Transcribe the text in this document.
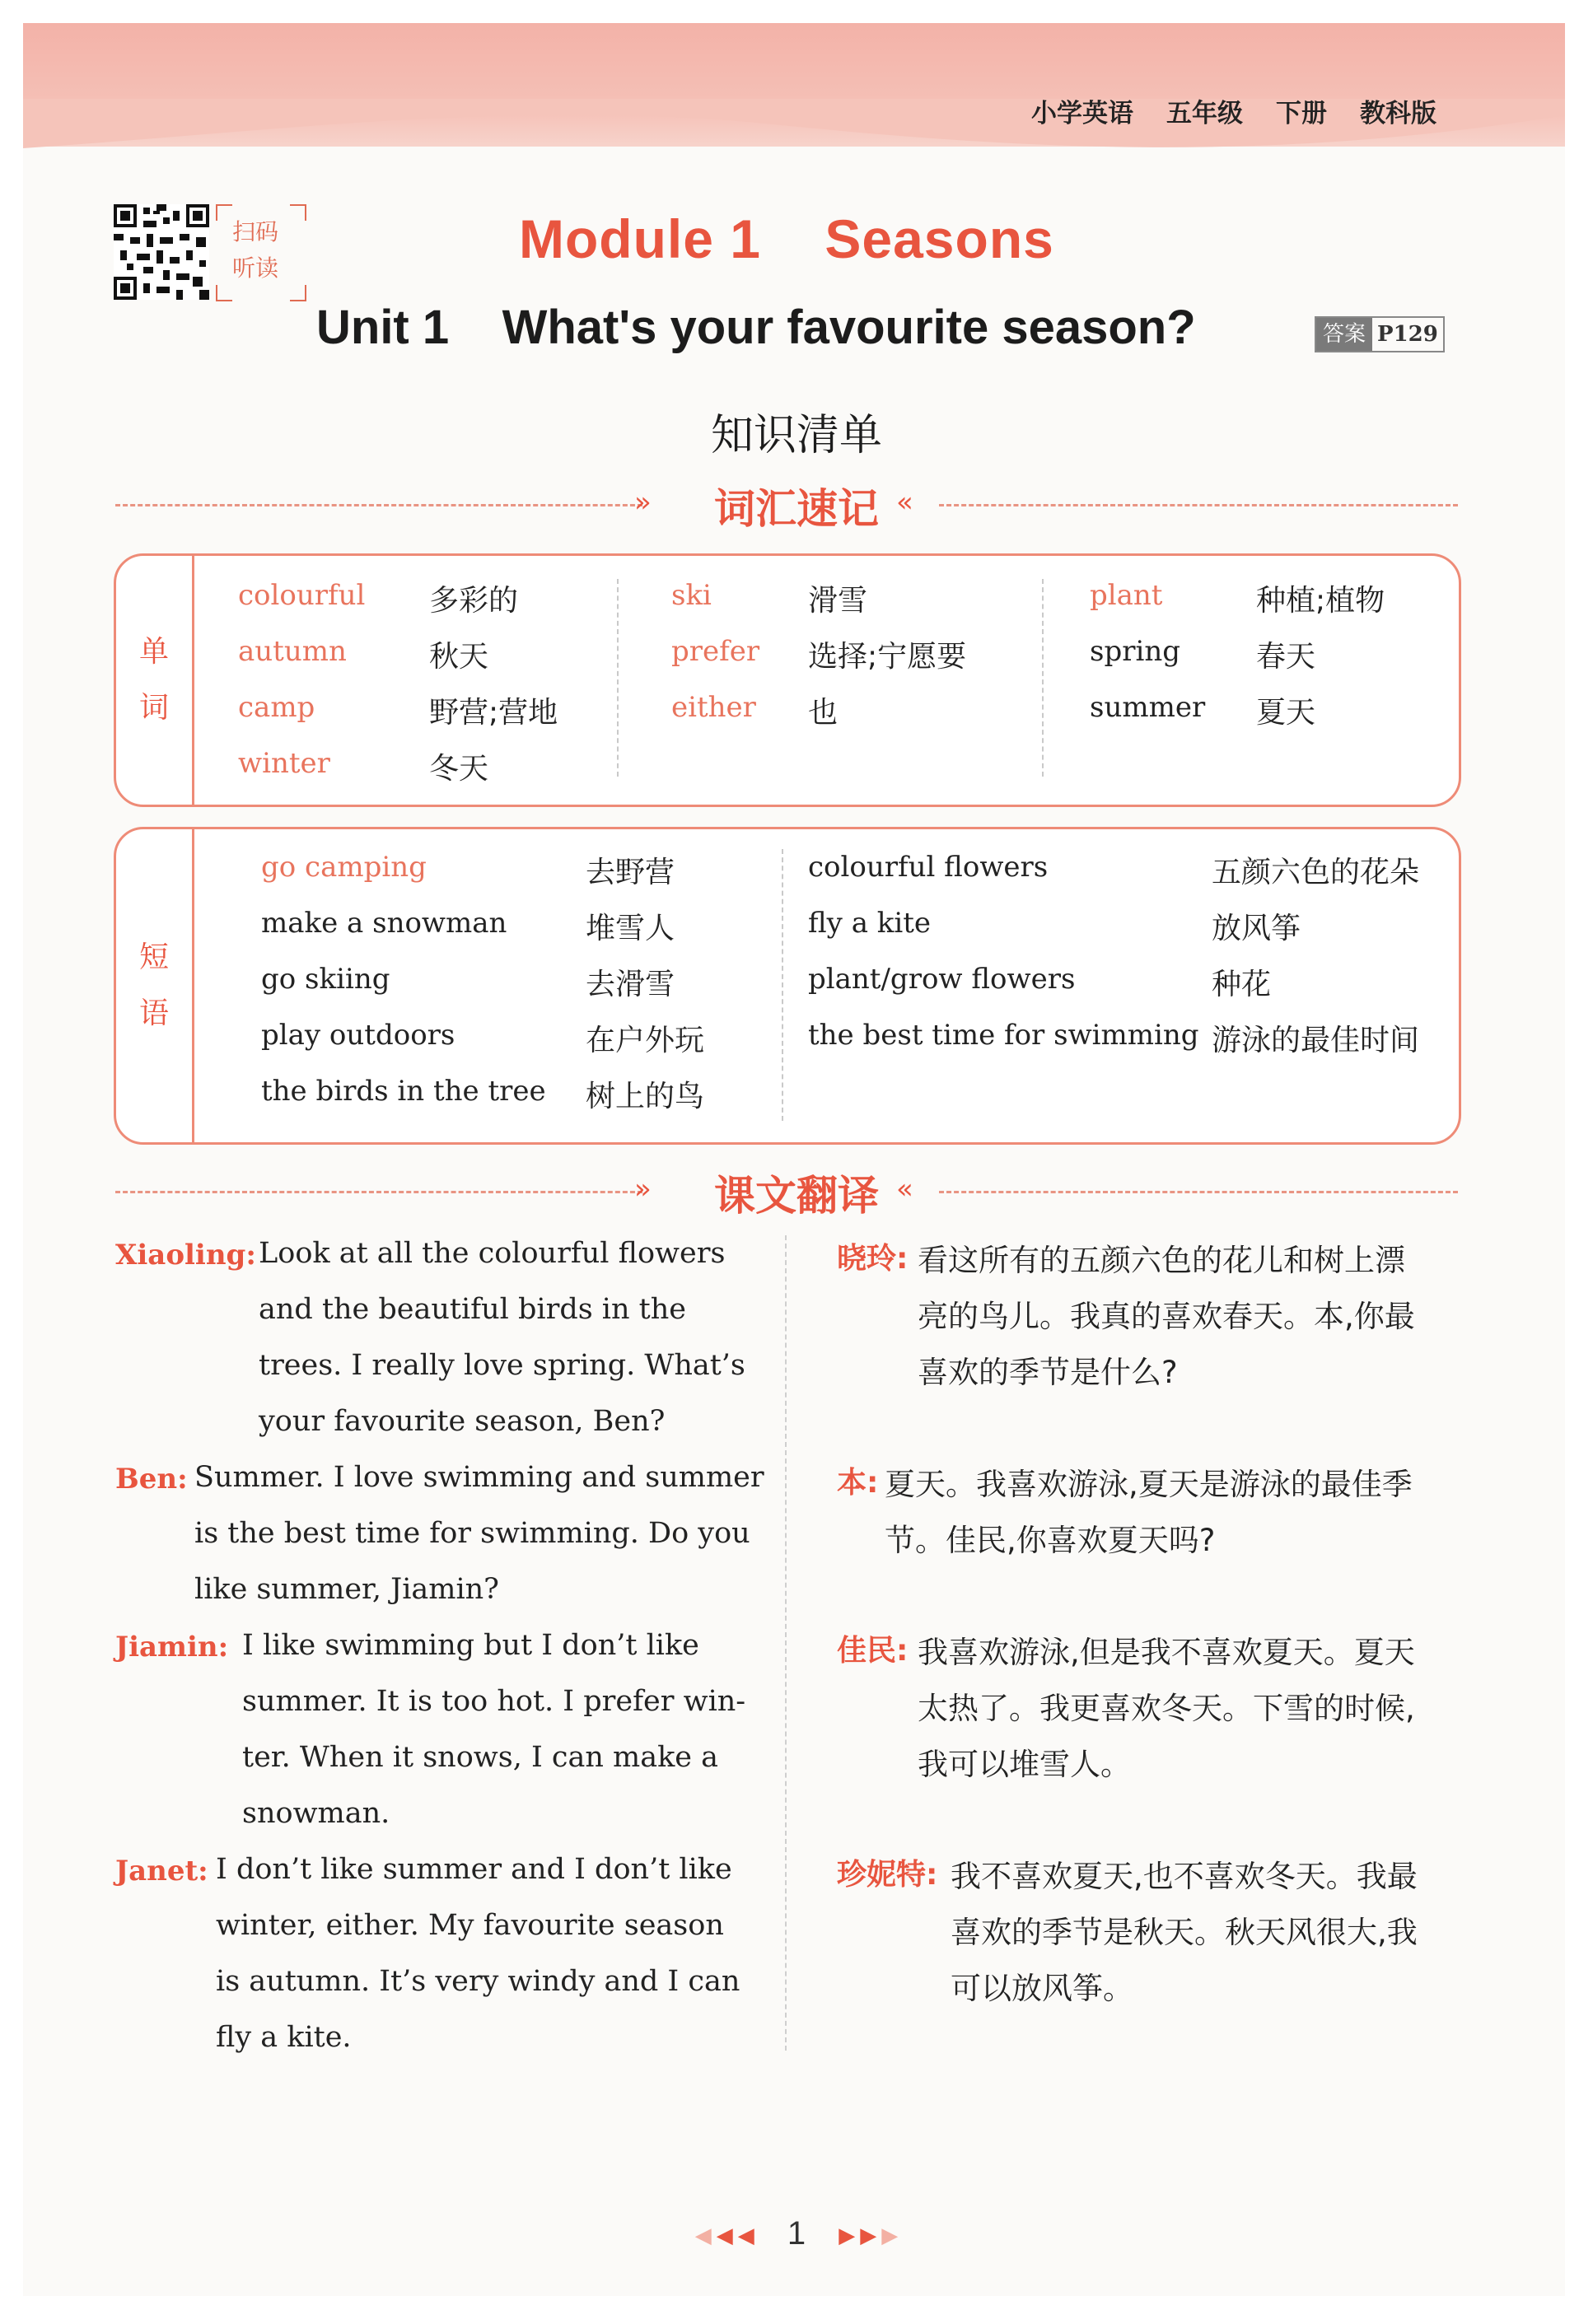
小学英语 五年级 下册 教科版
扫码
听读	Module 1    Seasons
Unit 1    What's your favourite season?	答案 P129
知识清单
»	词汇速记 «
单
词
colourful 多彩的
autumn	秋天
camp	野营;营地
winter	冬天
ski	滑雪
prefer 选择;宁愿要
either 也
plant	种植;植物
spring	春天
summer 夏天
短
语
go camping	去野营
make a snowman	堆雪人
go skiing	去滑雪
play outdoors	在户外玩
the birds in the tree 树上的鸟
colourful flowers	五颜六色的花朵
fly a kite	放风筝
plant/grow flowers	种花
the best time for swimming 游泳的最佳时间
»	课文翻译 «
Xiaoling: Look at all the colourful flowers
and the beautiful birds in the
trees. I really love spring. What’s
your favourite season, Ben?
Ben: Summer. I love swimming and summer
is the best time for swimming. Do you
like summer, Jiamin?
Jiamin: I like swimming but I don’t like
summer. It is too hot. I prefer win-
ter. When it snows, I can make a
snowman.
Janet: I don’t like summer and I don’t like
winter, either. My favourite season
is autumn. It’s very windy and I can
fly a kite.
晓玲: 看这所有的五颜六色的花儿和树上漂
亮的鸟儿。我真的喜欢春天。本,你最
喜欢的季节是什么?
本: 夏天。我喜欢游泳,夏天是游泳的最佳季
节。佳民,你喜欢夏天吗?
佳民: 我喜欢游泳,但是我不喜欢夏天。夏天
太热了。我更喜欢冬天。下雪的时候,
我可以堆雪人。
珍妮特: 我不喜欢夏天,也不喜欢冬天。我最
喜欢的季节是秋天。秋天风很大,我
可以放风筝。
◀ ◀ ◀ 1 ▶ ▶ ▶
